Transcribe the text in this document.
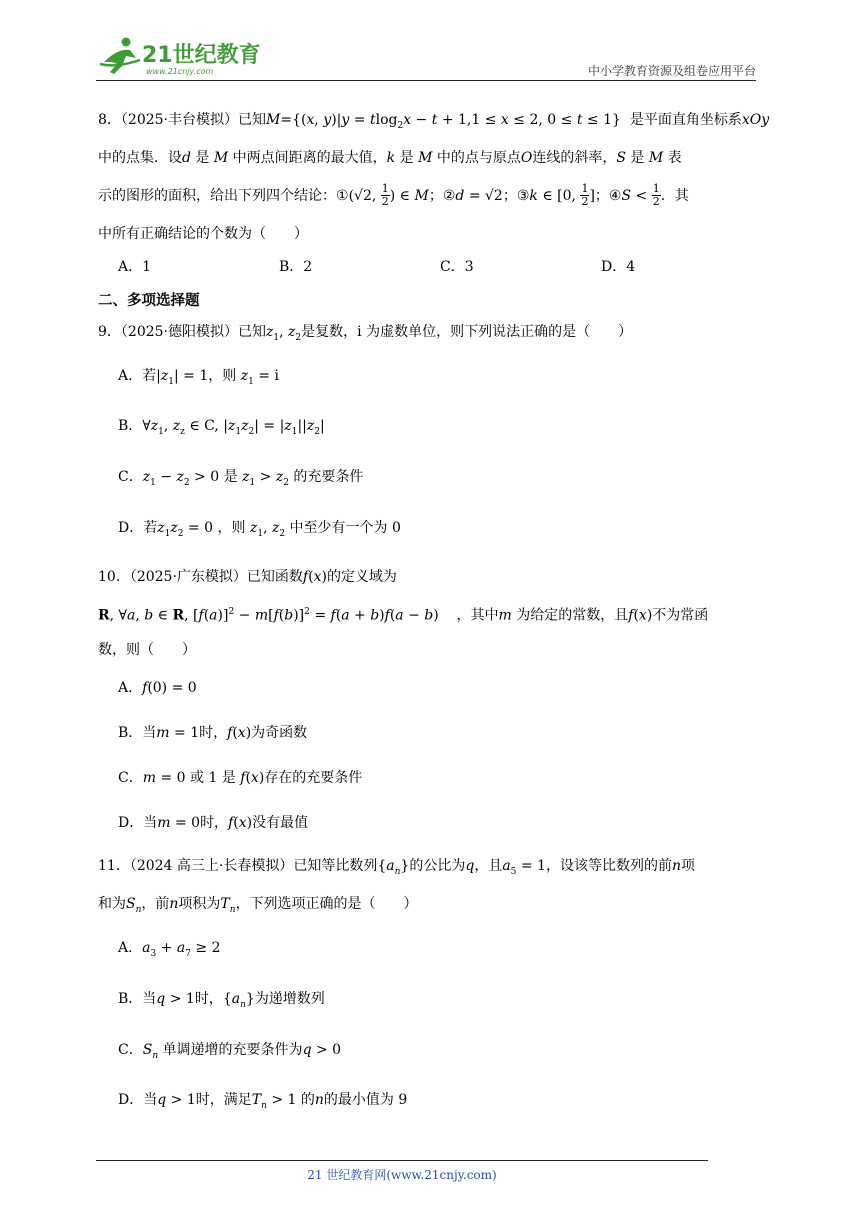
21世纪教育
www.21cnjy.com	中小学教育资源及组卷应用平台
8．（2025·丰台模拟）已知M={(x, y)|y = tlog$_2$x − t + 1,1 ≤ x ≤ 2, 0 ≤ t ≤ 1} 是平面直角坐标系xOy
中的点集．设d 是 M 中两点间距离的最大值，k 是 M 中的点与原点O连线的斜率，S 是 M 表
示的图形的面积，给出下列四个结论：①(√2, $\frac{1}{2}$ ) ∈ M；②d = √2；③k ∈ [0, $\frac{1}{2}$ ]；④S < $\frac{1}{2}$ ．其
中所有正确结论的个数为（　　）
A．1	B．2	C．3	D．4
二、多项选择题
9．（2025·德阳模拟）已知$z_1$, $z_2$是复数，i 为虚数单位，则下列说法正确的是（　　）
A．若$|z_1| = 1$，则 $z_1 = i$
B．$\forall z_1$, $z_z$ ∈ C, $|z_1z_2| = |z_1||z_2|$
C．$z_1 - z_2 > 0$ 是 $z_1 > z_2$ 的充要条件
D．若$z_1z_2 = 0$ ，则 $z_1$, $z_2$ 中至少有一个为 0
10．（2025·广东模拟）已知函数f(x)的定义域为
R, ∀a, b ∈ R, $[f(a)]^2 - m[f(b)]^2 = f(a + b)f(a - b)$    ，其中m 为给定的常数，且f(x)不为常函
数，则（　　）
A．f(0) = 0
B．当m = 1时，f(x)为奇函数
C．m = 0 或 1 是 f(x)存在的充要条件
D．当m = 0时，f(x)没有最值
11．（2024 高三上·长春模拟）已知等比数列$\{a_n\}$的公比为q，且$a_5 = 1$，设该等比数列的前n项
和为$S_n$，前n项积为$T_n$，下列选项正确的是（　　）
A．$a_3 + a_7 \ge 2$
B．当q > 1时，$\{a_n\}$为递增数列
C．$S_n$ 单调递增的充要条件为q > 0
D．当q > 1时，满足$T_n > 1$ 的n的最小值为 9
21 世纪教育网(www.21cnjy.com)
